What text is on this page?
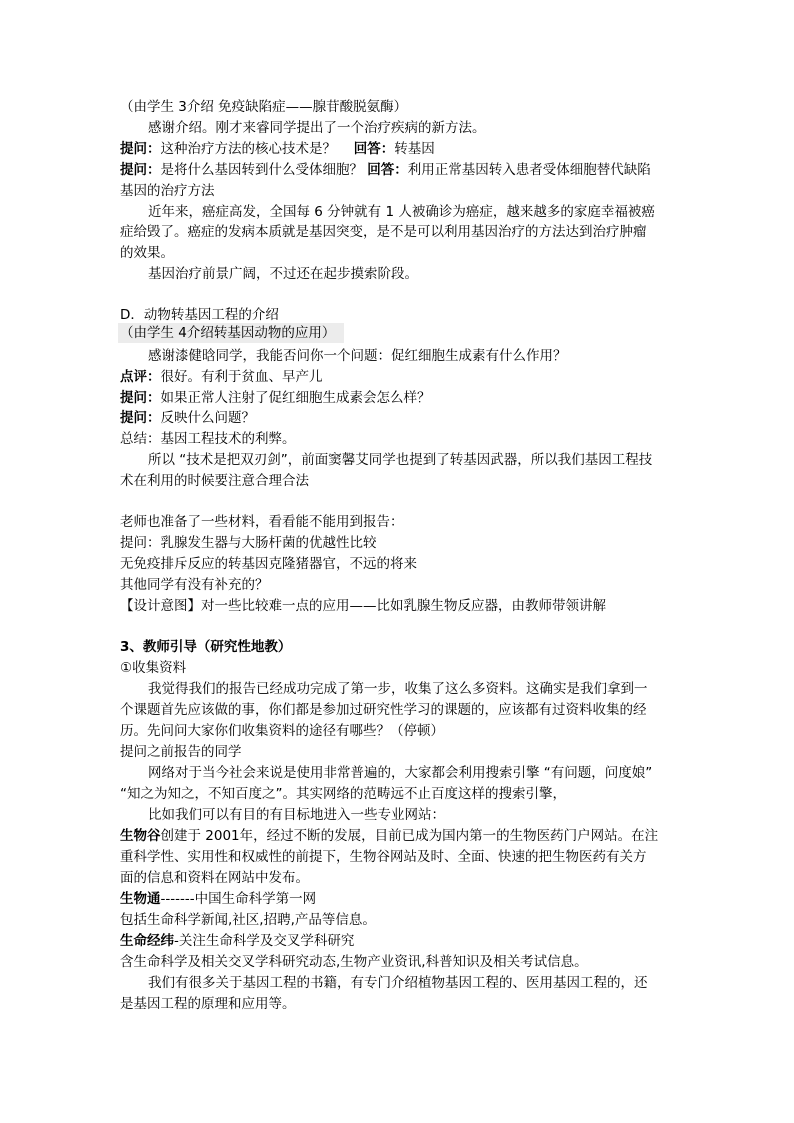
（由学生 3介绍 免疫缺陷症——腺苷酸脱氨酶）
感谢介绍。刚才来睿同学提出了一个治疗疾病的新方法。
提问：这种治疗方法的核心技术是？　 回答：转基因
提问：是将什么基因转到什么受体细胞？ 回答：利用正常基因转入患者受体细胞替代缺陷
基因的治疗方法
近年来，癌症高发，全国每 6 分钟就有 1 人被确诊为癌症，越来越多的家庭幸福被癌
症给毁了。癌症的发病本质就是基因突变，是不是可以利用基因治疗的方法达到治疗肿瘤
的效果。
基因治疗前景广阔，不过还在起步摸索阶段。
D．动物转基因工程的介绍
（由学生 4介绍转基因动物的应用）
感谢漆健晗同学，我能否问你一个问题：促红细胞生成素有什么作用？
点评：很好。有利于贫血、早产儿
提问：如果正常人注射了促红细胞生成素会怎么样？
提问：反映什么问题？
总结：基因工程技术的利弊。
所以 “技术是把双刃剑”，前面窦馨艾同学也提到了转基因武器，所以我们基因工程技
术在利用的时候要注意合理合法
老师也准备了一些材料，看看能不能用到报告：
提问：乳腺发生器与大肠杆菌的优越性比较
无免疫排斥反应的转基因克隆猪器官，不远的将来
其他同学有没有补充的？
【设计意图】对一些比较难一点的应用——比如乳腺生物反应器，由教师带领讲解
3、教师引导（研究性地教）
①收集资料
我觉得我们的报告已经成功完成了第一步，收集了这么多资料。这确实是我们拿到一
个课题首先应该做的事，你们都是参加过研究性学习的课题的，应该都有过资料收集的经
历。先问问大家你们收集资料的途径有哪些？（停顿）
提问之前报告的同学
网络对于当今社会来说是使用非常普遍的，大家都会利用搜索引擎 “有问题，问度娘”
“知之为知之，不知百度之”。其实网络的范畴远不止百度这样的搜索引擎，
比如我们可以有目的有目标地进入一些专业网站：
生物谷创建于 2001年，经过不断的发展，目前已成为国内第一的生物医药门户网站。在注
重科学性、实用性和权威性的前提下，生物谷网站及时、全面、快速的把生物医药有关方
面的信息和资料在网站中发布。
生物通-------中国生命科学第一网
包括生命科学新闻,社区,招聘,产品等信息。
生命经纬-关注生命科学及交叉学科研究
含生命科学及相关交叉学科研究动态,生物产业资讯,科普知识及相关考试信息。
我们有很多关于基因工程的书籍，有专门介绍植物基因工程的、医用基因工程的，还
是基因工程的原理和应用等。
